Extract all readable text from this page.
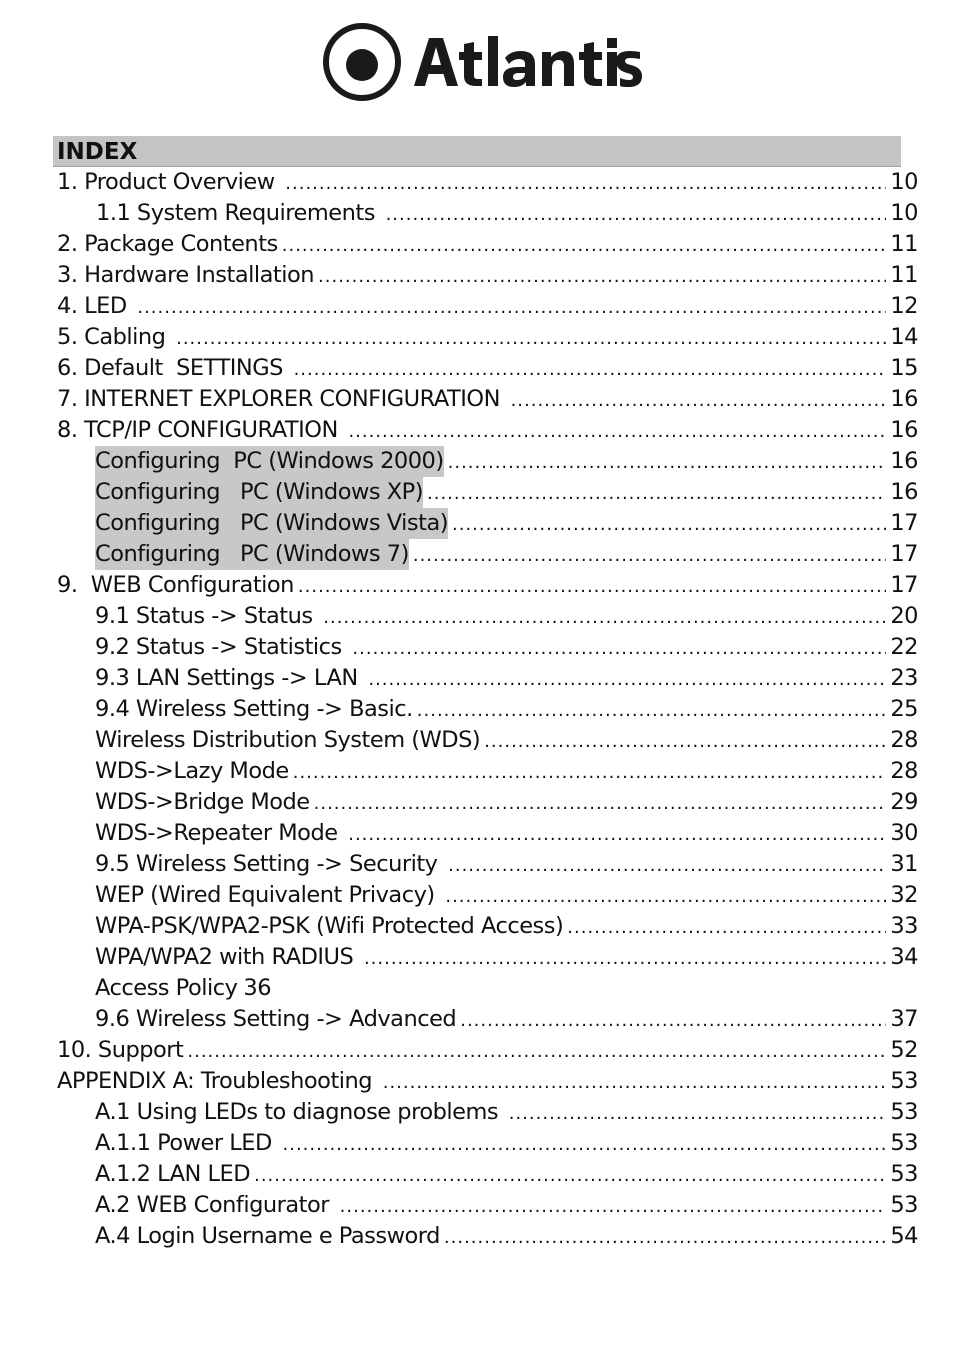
INDEX
1. Product Overview .....	10
1.1 System Requirements .....	10
2. Package Contents .....	11
3. Hardware Installation .....	11
4. LED .....	12
5. Cabling .....	14
6. Default  SETTINGS .....	15
7. INTERNET EXPLORER CONFIGURATION .....	16
8. TCP/IP CONFIGURATION .....	16
Configuring  PC (Windows 2000) .....	16
Configuring   PC (Windows XP) .....	16
Configuring   PC (Windows Vista) .....	17
Configuring   PC (Windows 7) .....	17
9.  WEB Configuration .....	17
9.1 Status -> Status .....	20
9.2 Status -> Statistics .....	22
9.3 LAN Settings -> LAN .....	23
9.4 Wireless Setting -> Basic. .....	25
Wireless Distribution System (WDS) .....	28
WDS->Lazy Mode .....	28
WDS->Bridge Mode .....	29
WDS->Repeater Mode .....	30
9.5 Wireless Setting -> Security .....	31
WEP (Wired Equivalent Privacy) .....	32
WPA-PSK/WPA2-PSK (Wifi Protected Access) .....	33
WPA/WPA2 with RADIUS .....	34
Access Policy 36
9.6 Wireless Setting -> Advanced .....	37
10. Support .....	52
APPENDIX A: Troubleshooting .....	53
A.1 Using LEDs to diagnose problems .....	53
A.1.1 Power LED .....	53
A.1.2 LAN LED .....	53
A.2 WEB Configurator .....	53
A.4 Login Username e Password .....	54
